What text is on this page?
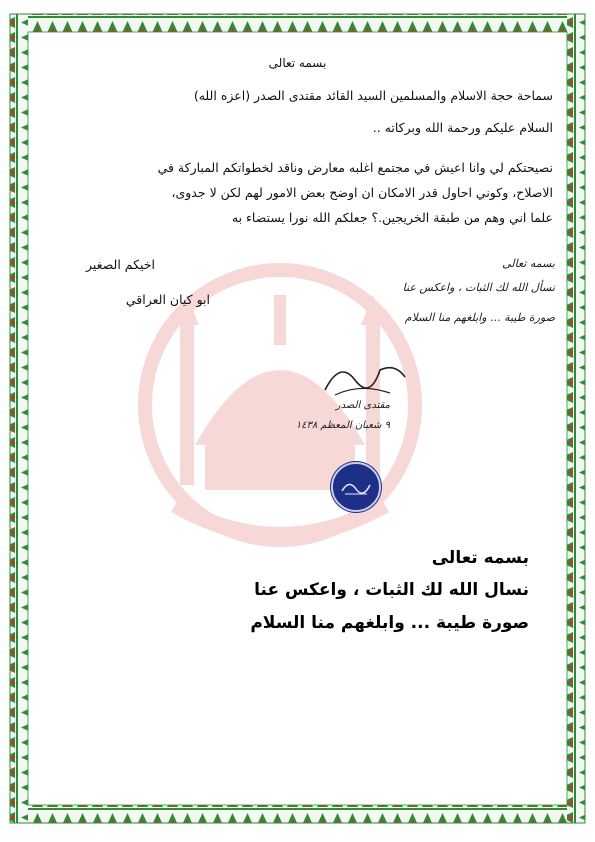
بسمه تعالى
سماحة حجة الاسلام والمسلمين السيد القائد مقتدى الصدر (اعزه الله)
السلام عليكم ورحمة الله وبركاته ..
نصيحتكم لي وانا اعيش في مجتمع اغلبه معارض وناقد لخطواتكم المباركة في
الاصلاح، وكوني احاول قدر الامكان ان اوضح بعض الامور لهم لكن لا جدوى،
علما اني وهم من طبقة الخريجين.؟ جعلكم الله نورا يستضاء به
اخيكم الصغير
ابو كيان العراقي
بسمه تعالى
نسأل الله لك الثبات ، واعكس عنا
صورة طيبة ... وابلغهم منا السلام
مقتدى الصدر
٩ شعبان المعظم ١٤٣٨
بسمه تعالى
نسال الله لك الثبات ، واعكس عنا
صورة طيبة ... وابلغهم منا السلام
